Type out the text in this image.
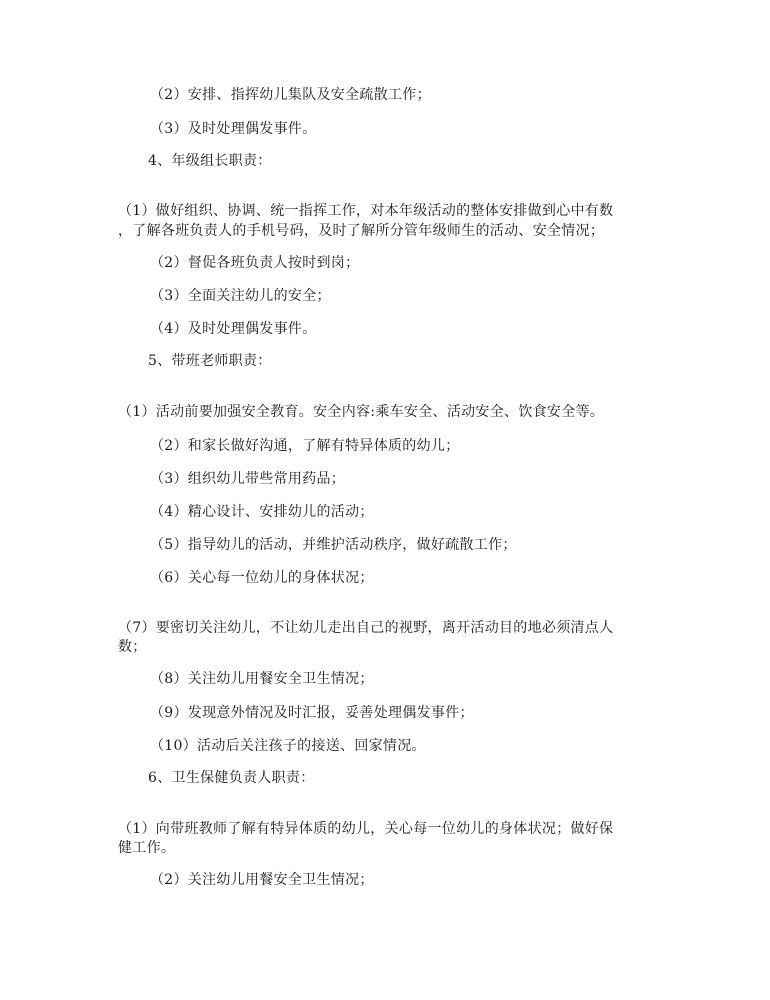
（2）安排、指挥幼儿集队及安全疏散工作；
（3）及时处理偶发事件。
4、年级组长职责：
（1）做好组织、协调、统一指挥工作，对本年级活动的整体安排做到心中有数
，了解各班负责人的手机号码，及时了解所分管年级师生的活动、安全情况；
（2）督促各班负责人按时到岗；
（3）全面关注幼儿的安全；
（4）及时处理偶发事件。
5、带班老师职责：
（1）活动前要加强安全教育。安全内容:乘车安全、活动安全、饮食安全等。
（2）和家长做好沟通，了解有特异体质的幼儿；
（3）组织幼儿带些常用药品；
（4）精心设计、安排幼儿的活动；
（5）指导幼儿的活动，并维护活动秩序，做好疏散工作；
（6）关心每一位幼儿的身体状况；
（7）要密切关注幼儿，不让幼儿走出自己的视野，离开活动目的地必须清点人
数；
（8）关注幼儿用餐安全卫生情况；
（9）发现意外情况及时汇报，妥善处理偶发事件；
（10）活动后关注孩子的接送、回家情况。
6、卫生保健负责人职责：
（1）向带班教师了解有特异体质的幼儿，关心每一位幼儿的身体状况；做好保
健工作。
（2）关注幼儿用餐安全卫生情况；
